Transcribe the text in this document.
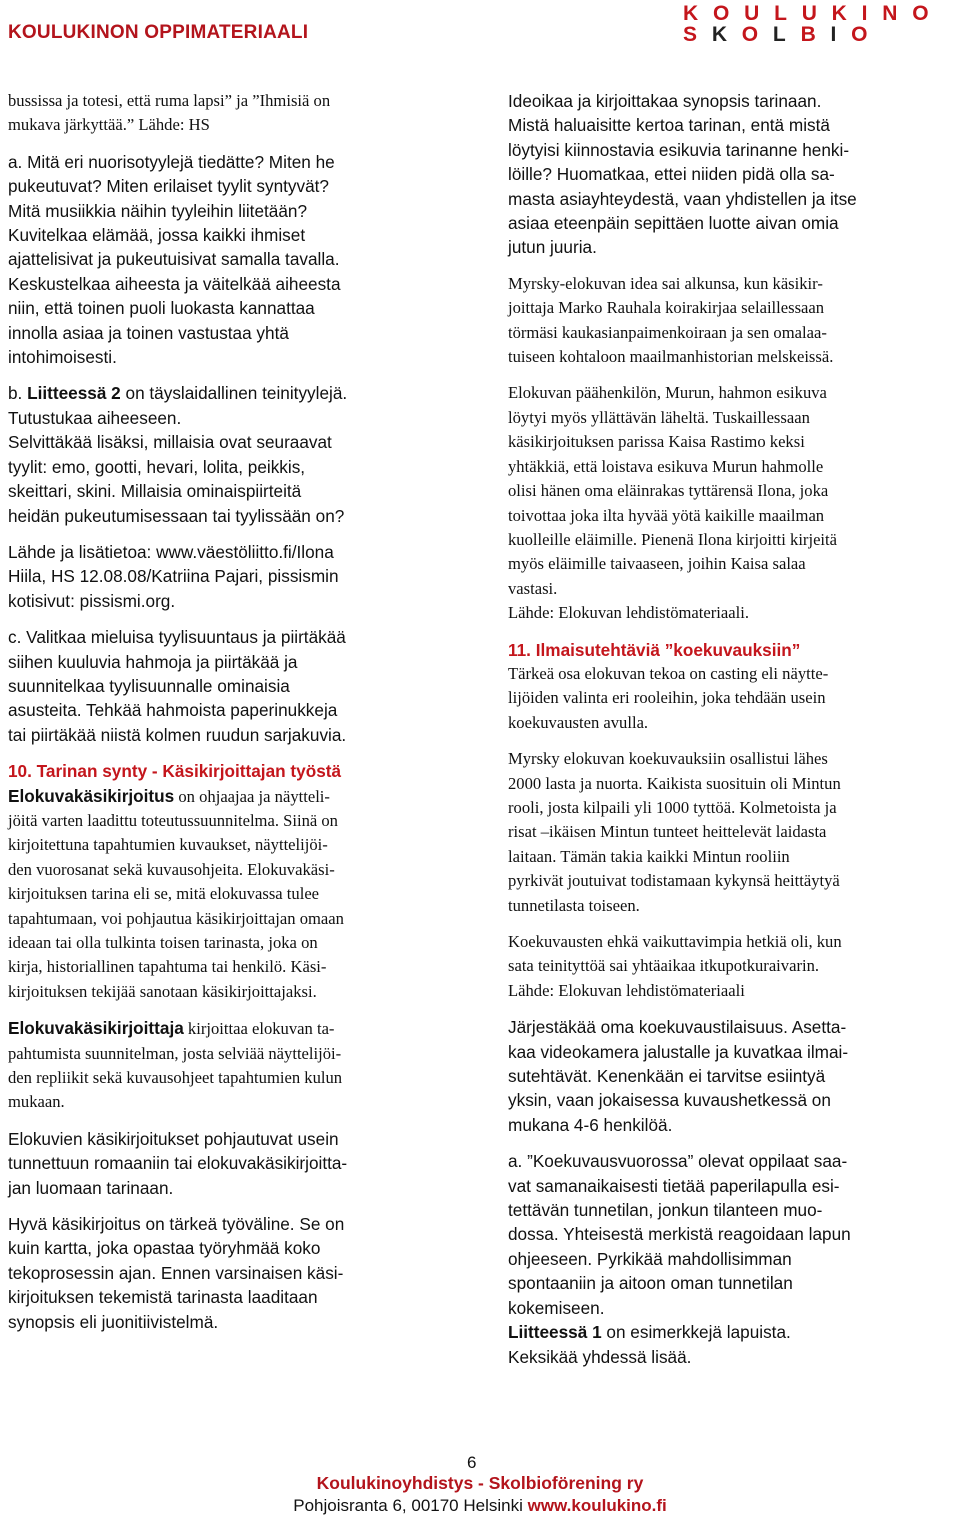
KOULUKINON OPPIMATERIAALI
KOULUKINO
SKOLBIO
bussissa ja totesi, että ruma lapsi” ja ”Ihmisiä on
mukava järkyttää.” Lähde: HS
a. Mitä eri nuorisotyylejä tiedätte? Miten he
pukeutuvat? Miten erilaiset tyylit syntyvät?
Mitä musiikkia näihin tyyleihin liitetään?
Kuvitelkaa elämää, jossa kaikki ihmiset
ajattelisivat ja pukeutuisivat samalla tavalla.
Keskustelkaa aiheesta ja väitelkää aiheesta
niin, että toinen puoli luokasta kannattaa
innolla asiaa ja toinen vastustaa yhtä
intohimoisesti.
b. Liitteessä 2 on täyslaidallinen teinityylejä.
Tutustukaa aiheeseen.
Selvittäkää lisäksi, millaisia ovat seuraavat
tyylit: emo, gootti, hevari, lolita, peikkis,
skeittari, skini. Millaisia ominaispiirteitä
heidän pukeutumisessaan tai tyylissään on?
Lähde ja lisätietoa: www.väestöliitto.fi/Ilona
Hiila, HS 12.08.08/Katriina Pajari, pissismin
kotisivut: pissismi.org.
c. Valitkaa mieluisa tyylisuuntaus ja piirtäkää
siihen kuuluvia hahmoja ja piirtäkää ja
suunnitelkaa tyylisuunnalle ominaisia
asusteita. Tehkää hahmoista paperinukkeja
tai piirtäkää niistä kolmen ruudun sarjakuvia.
10. Tarinan synty - Käsikirjoittajan työstä
Elokuvakäsikirjoitus on ohjaajaa ja näytteli-
jöitä varten laadittu toteutussuunnitelma. Siinä on
kirjoitettuna tapahtumien kuvaukset, näyttelijöi-
den vuorosanat sekä kuvausohjeita. Elokuvakäsi-
kirjoituksen tarina eli se, mitä elokuvassa tulee
tapahtumaan, voi pohjautua käsikirjoittajan omaan
ideaan tai olla tulkinta toisen tarinasta, joka on
kirja, historiallinen tapahtuma tai henkilö. Käsi-
kirjoituksen tekijää sanotaan käsikirjoittajaksi.
Elokuvakäsikirjoittaja kirjoittaa elokuvan ta-
pahtumista suunnitelman, josta selviää näyttelijöi-
den repliikit sekä kuvausohjeet tapahtumien kulun
mukaan.
Elokuvien käsikirjoitukset pohjautuvat usein
tunnettuun romaaniin tai elokuvakäsikirjoitta-
jan luomaan tarinaan.
Hyvä käsikirjoitus on tärkeä työväline. Se on
kuin kartta, joka opastaa työryhmää koko
tekoprosessin ajan. Ennen varsinaisen käsi-
kirjoituksen tekemistä tarinasta laaditaan
synopsis eli juonitiivistelmä.
Ideoikaa ja kirjoittakaa synopsis tarinaan.
Mistä haluaisitte kertoa tarinan, entä mistä
löytyisi kiinnostavia esikuvia tarinanne henki-
löille? Huomatkaa, ettei niiden pidä olla sa-
masta asiayhteydestä, vaan yhdistellen ja itse
asiaa eteenpäin sepittäen luotte aivan omia
jutun juuria.
Myrsky-elokuvan idea sai alkunsa, kun käsikir-
joittaja Marko Rauhala koirakirjaa selaillessaan
törmäsi kaukasianpaimenkoiraan ja sen omalaa-
tuiseen kohtaloon maailmanhistorian melskeissä.
Elokuvan päähenkilön, Murun, hahmon esikuva
löytyi myös yllättävän läheltä. Tuskaillessaan
käsikirjoituksen parissa Kaisa Rastimo keksi
yhtäkkiä, että loistava esikuva Murun hahmolle
olisi hänen oma eläinrakas tyttärensä Ilona, joka
toivottaa joka ilta hyvää yötä kaikille maailman
kuolleille eläimille. Pienenä Ilona kirjoitti kirjeitä
myös eläimille taivaaseen, joihin Kaisa salaa
vastasi.
Lähde: Elokuvan lehdistömateriaali.
11. Ilmaisutehtäviä ”koekuvauksiin”
Tärkeä osa elokuvan tekoa on casting eli näytte-
lijöiden valinta eri rooleihin, joka tehdään usein
koekuvausten avulla.
Myrsky elokuvan koekuvauksiin osallistui lähes
2000 lasta ja nuorta. Kaikista suosituin oli Mintun
rooli, josta kilpaili yli 1000 tyttöä. Kolmetoista ja
risat –ikäisen Mintun tunteet heittelevät laidasta
laitaan. Tämän takia kaikki Mintun rooliin
pyrkivät joutuivat todistamaan kykynsä heittäytyä
tunnetilasta toiseen.
Koekuvausten ehkä vaikuttavimpia hetkiä oli, kun
sata teinityttöä sai yhtäaikaa itkupotkuraivarin.
Lähde: Elokuvan lehdistömateriaali
Järjestäkää oma koekuvaustilaisuus. Asetta-
kaa videokamera jalustalle ja kuvatkaa ilmai-
sutehtävät. Kenenkään ei tarvitse esiintyä
yksin, vaan jokaisessa kuvaushetkessä on
mukana 4-6 henkilöä.
a. ”Koekuvausvuorossa” olevat oppilaat saa-
vat samanaikaisesti tietää paperilapulla esi-
tettävän tunnetilan, jonkun tilanteen muo-
dossa. Yhteisestä merkistä reagoidaan lapun
ohjeeseen. Pyrkikää mahdollisimman
spontaaniin ja aitoon oman tunnetilan
kokemiseen.
Liitteessä 1 on esimerkkejä lapuista.
Keksikää yhdessä lisää.
6
Koulukinoyhdistys - Skolbioförening ry
Pohjoisranta 6, 00170 Helsinki www.koulukino.fi
